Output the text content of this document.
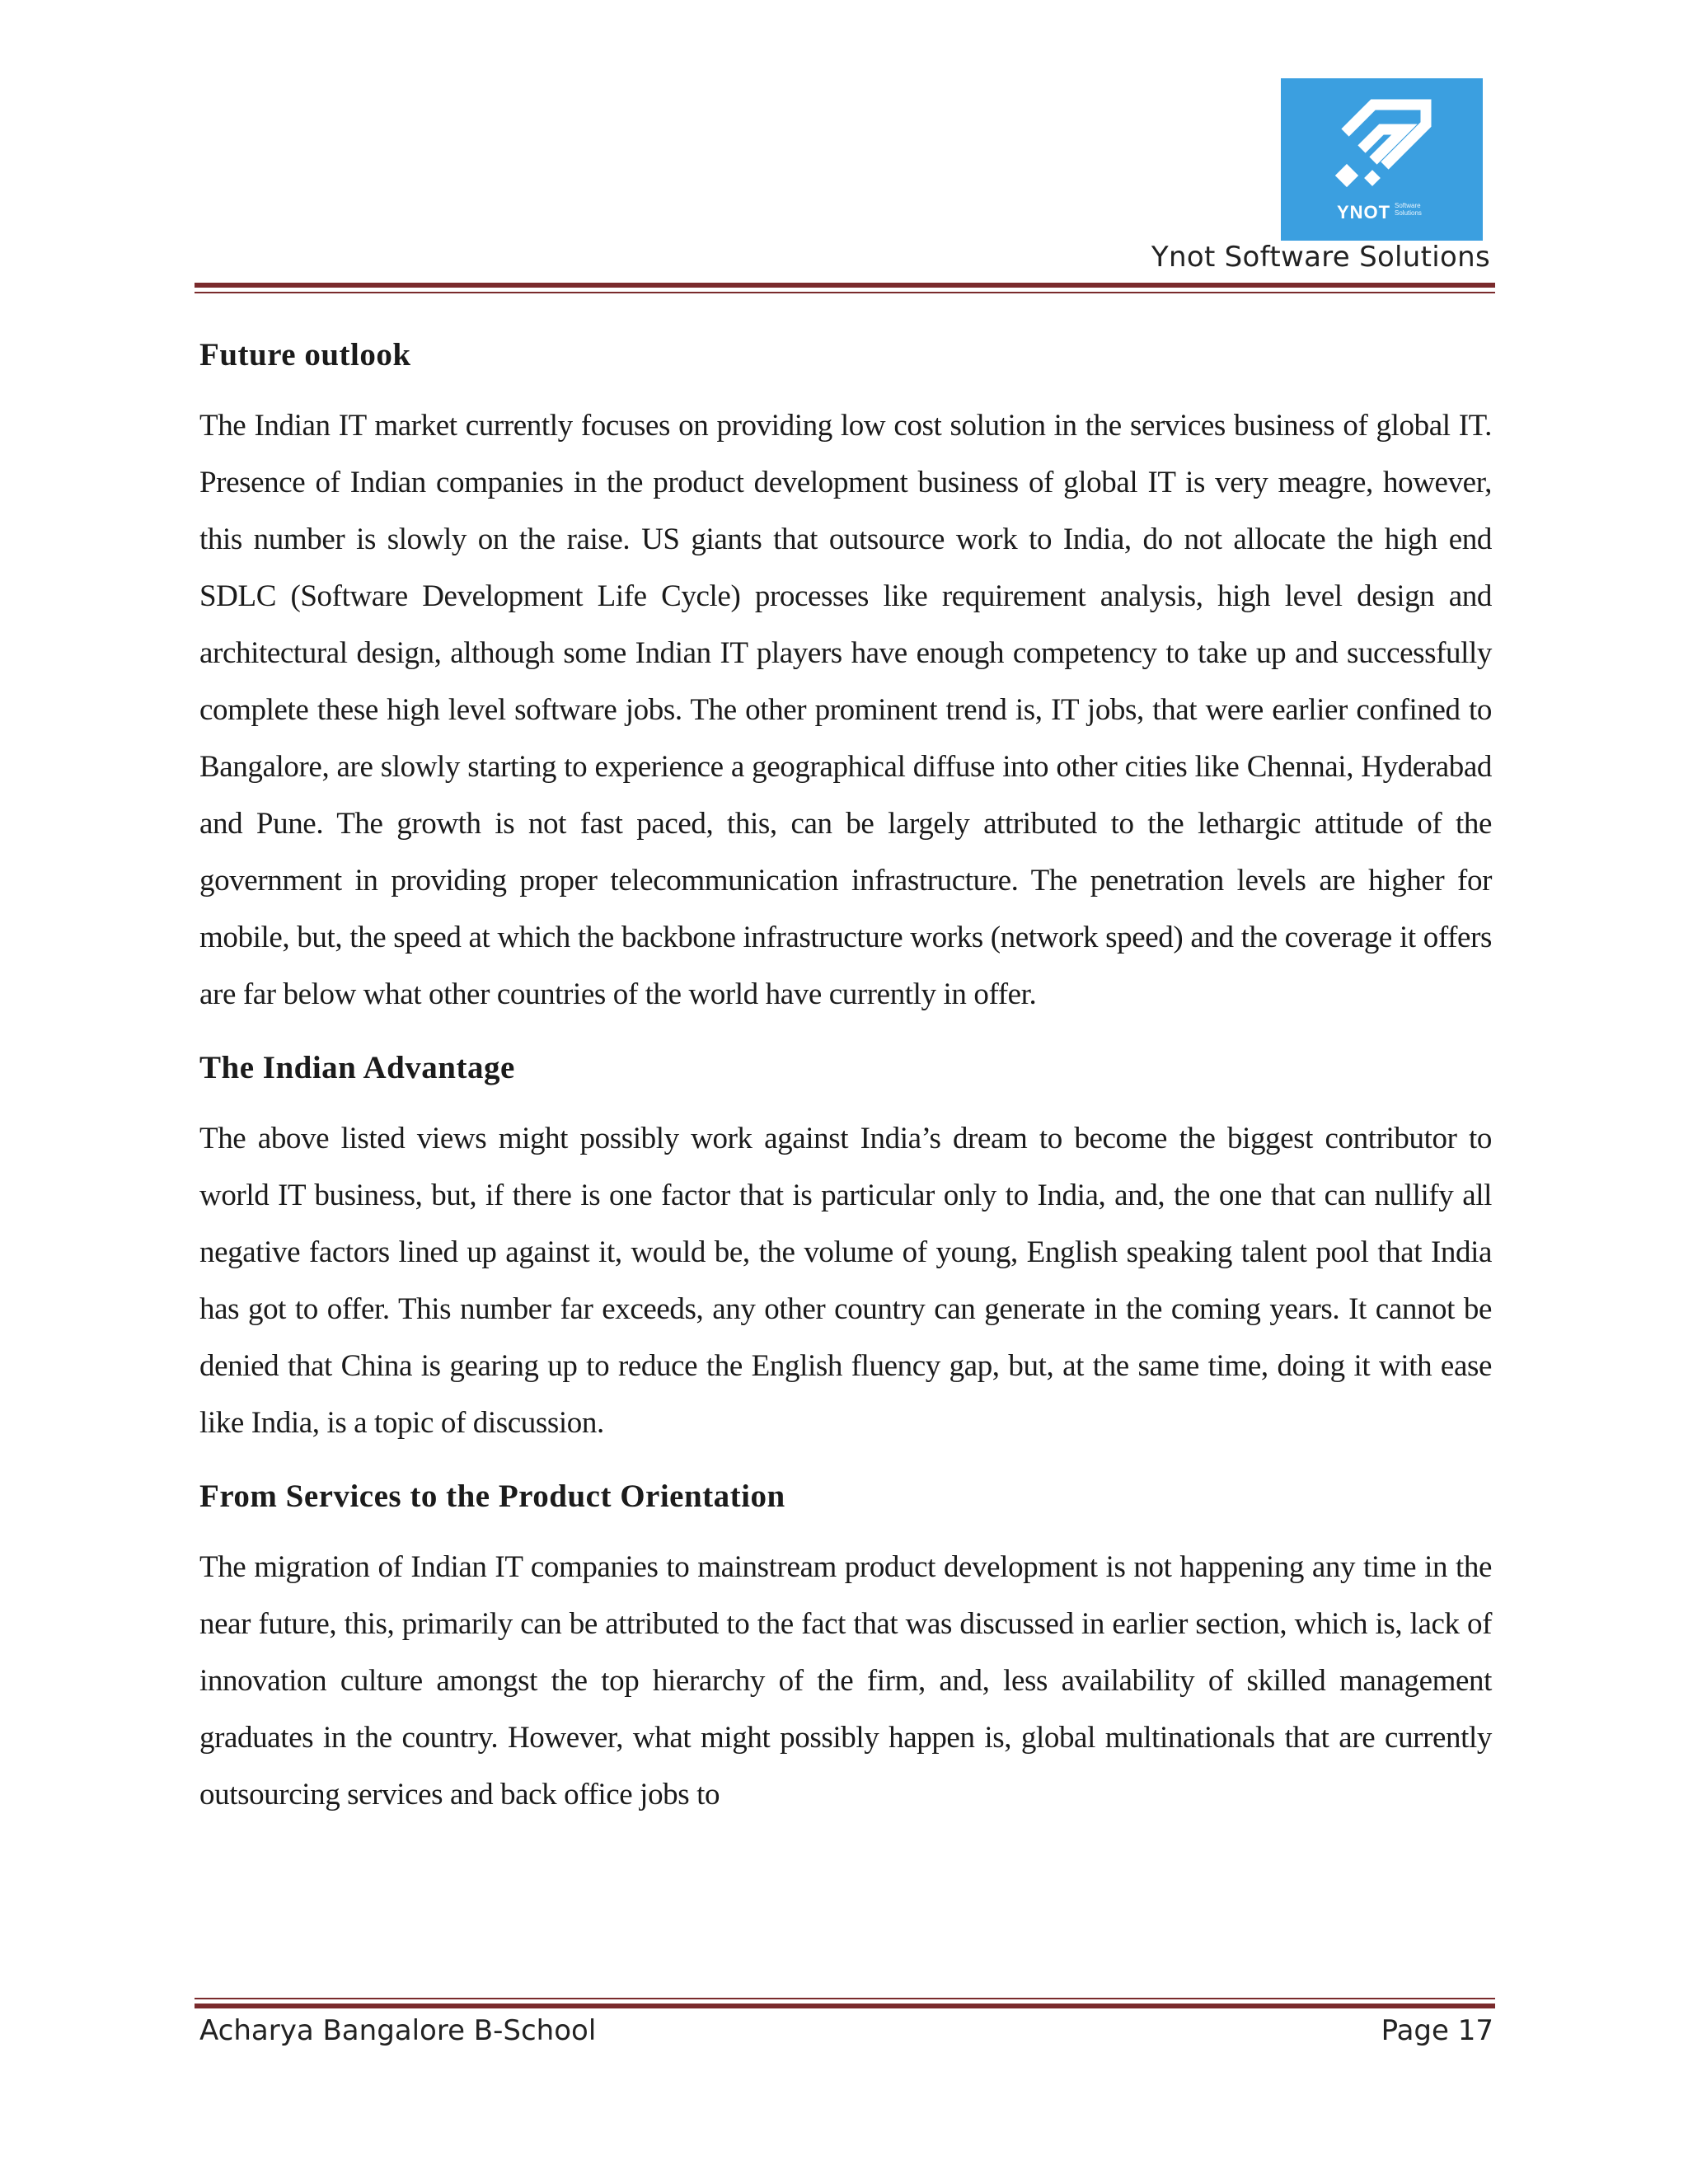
YNOT Software Solutions
Ynot Software Solutions
Future outlook

The Indian IT market currently focuses on providing low cost solution in the services business of global IT. Presence of Indian companies in the product development business of global IT is very meagre, however, this number is slowly on the raise. US giants that outsource work to India, do not allocate the high end SDLC (Software Development Life Cycle) processes like requirement analysis, high level design and architectural design, although some Indian IT players have enough competency to take up and successfully complete these high level software jobs. The other prominent trend is, IT jobs, that were earlier confined to Bangalore, are slowly starting to experience a geographical diffuse into other cities like Chennai, Hyderabad and Pune. The growth is not fast paced, this, can be largely attributed to the lethargic attitude of the government in providing proper telecommunication infrastructure. The penetration levels are higher for mobile, but, the speed at which the backbone infrastructure works (network speed) and the coverage it offers are far below what other countries of the world have currently in offer.

The Indian Advantage

The above listed views might possibly work against India’s dream to become the biggest contributor to world IT business, but, if there is one factor that is particular only to India, and, the one that can nullify all negative factors lined up against it, would be, the volume of young, English speaking talent pool that India has got to offer. This number far exceeds, any other country can generate in the coming years. It cannot be denied that China is gearing up to reduce the English fluency gap, but, at the same time, doing it with ease like India, is a topic of discussion.

From Services to the Product Orientation

The migration of Indian IT companies to mainstream product development is not happening any time in the near future, this, primarily can be attributed to the fact that was discussed in earlier section, which is, lack of innovation culture amongst the top hierarchy of the firm, and, less availability of skilled management graduates in the country. However, what might possibly happen is, global multinationals that are currently outsourcing services and back office jobs to

Acharya Bangalore B-School	Page 17
